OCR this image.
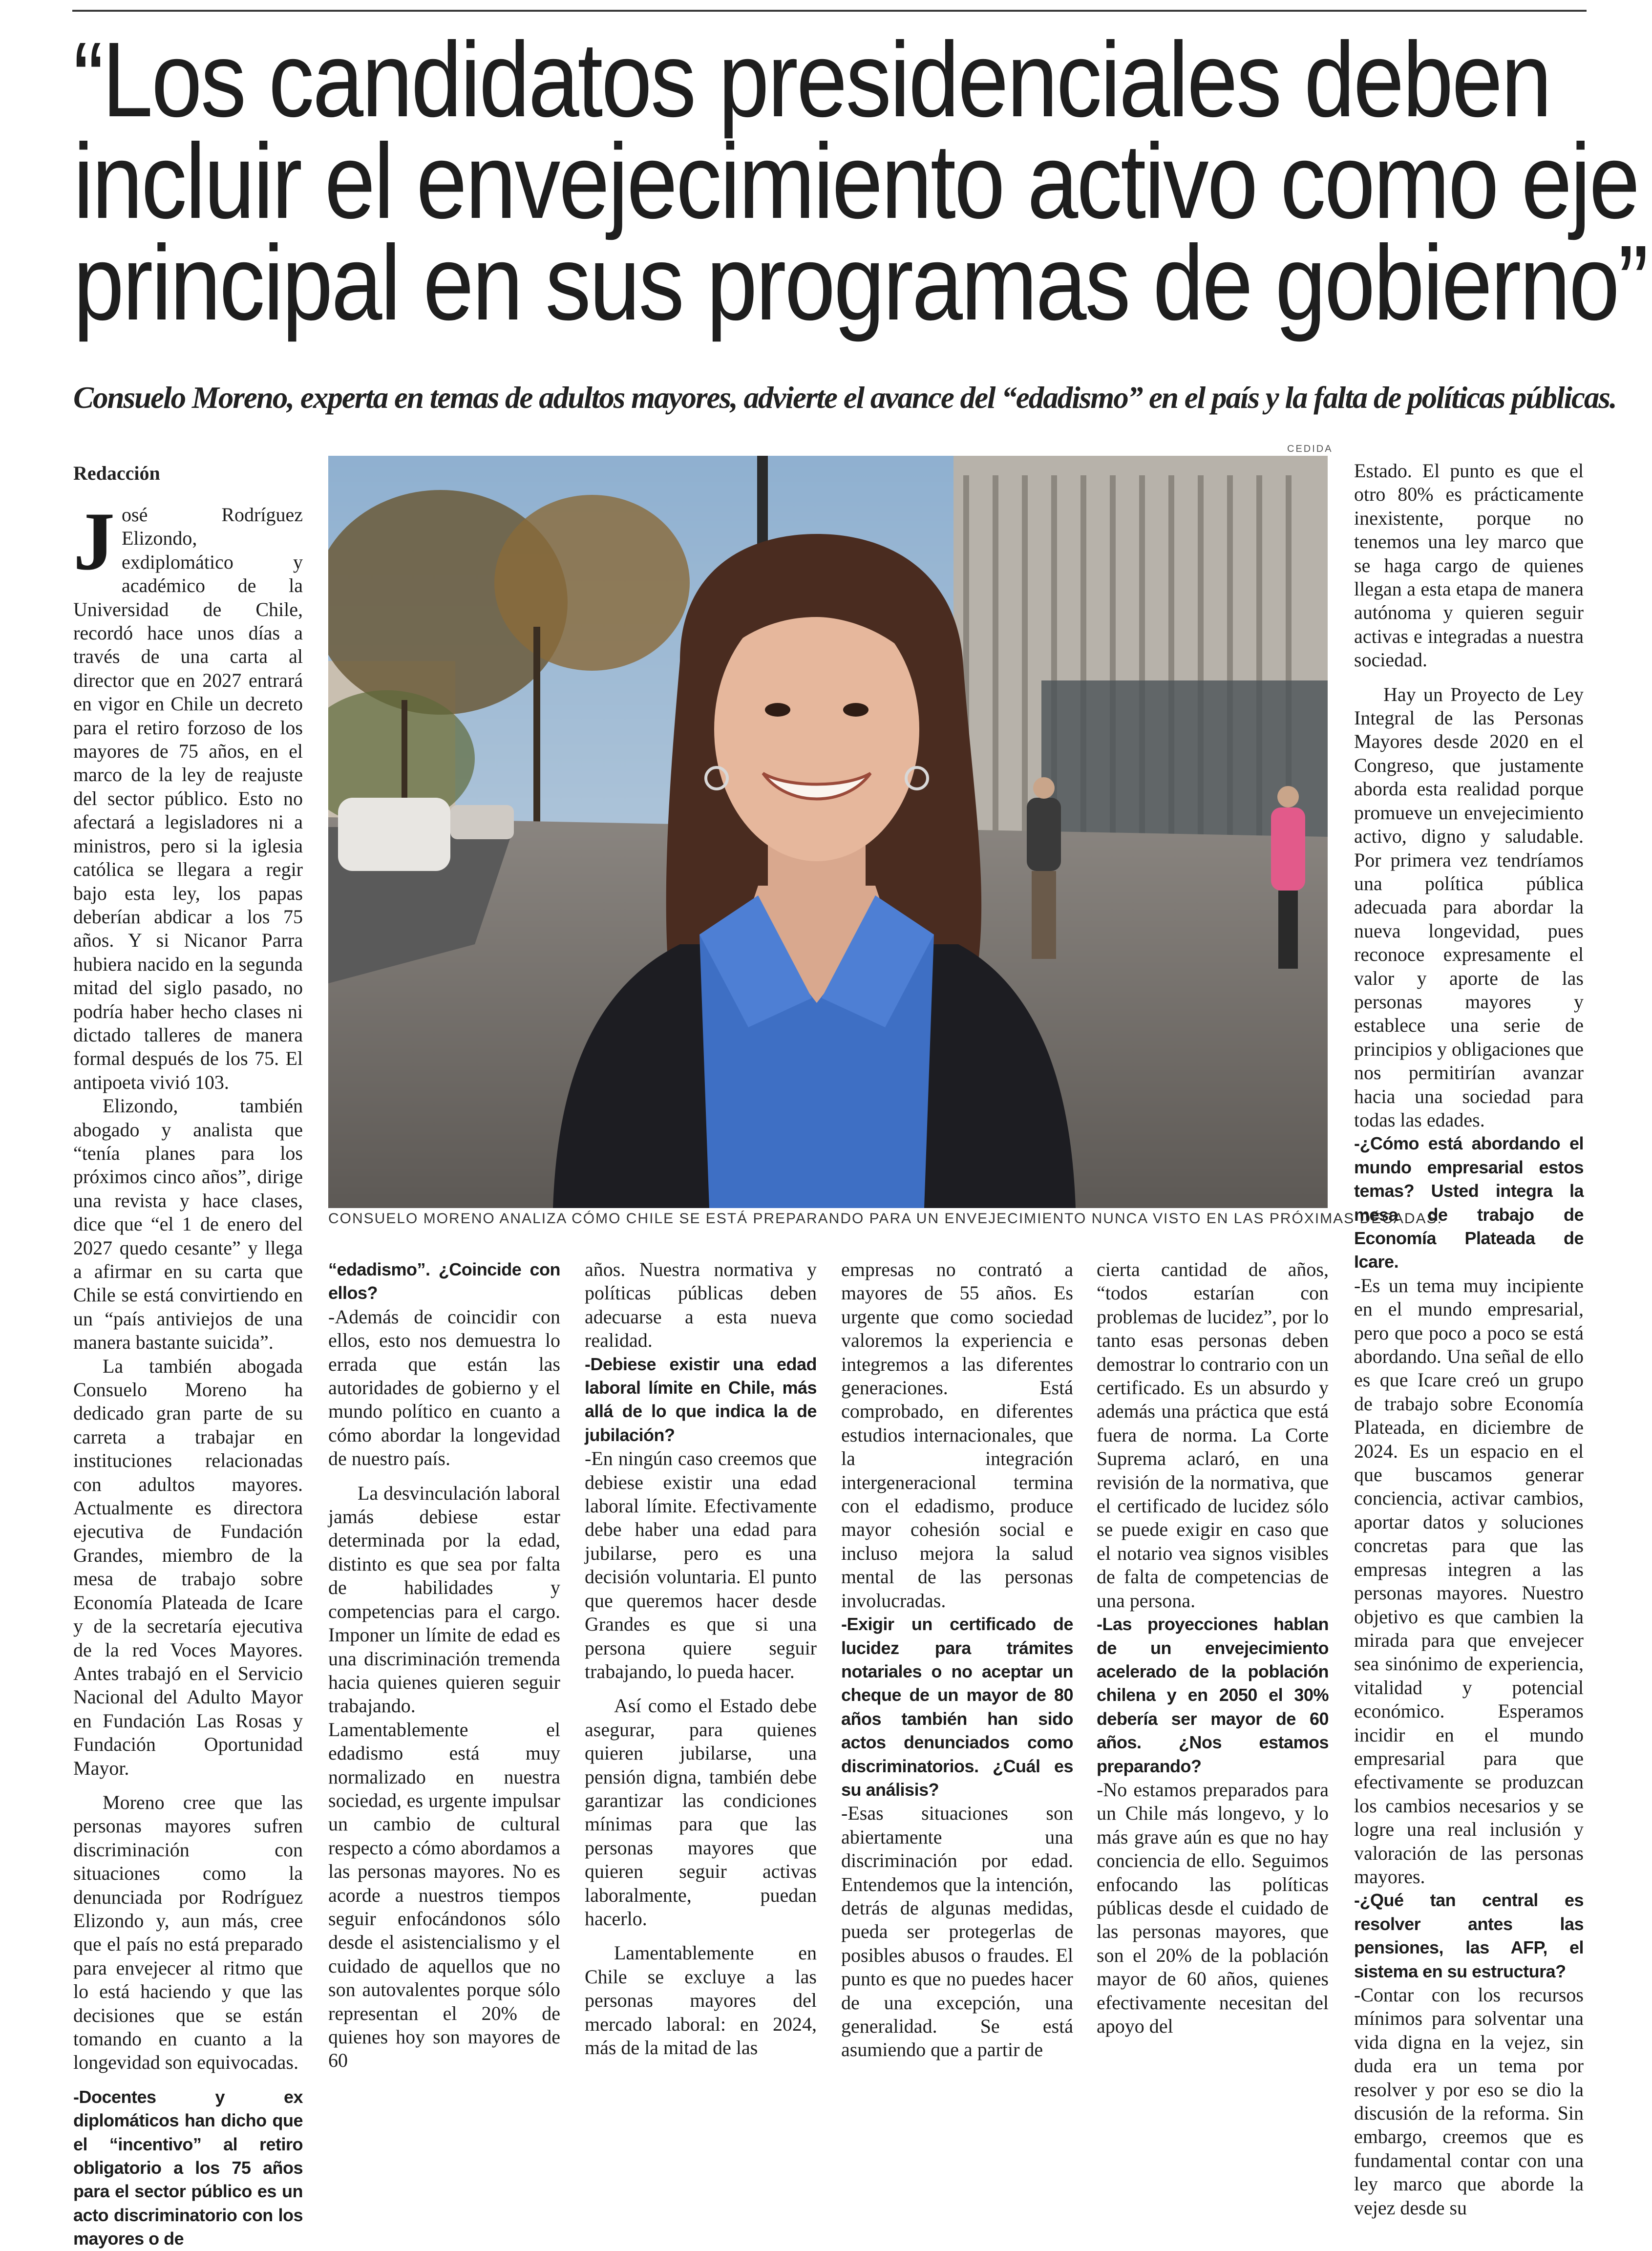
“Los candidatos presidenciales deben
incluir el envejecimiento activo como eje
principal en sus programas de gobierno”
Consuelo Moreno, experta en temas de adultos mayores, advierte el avance del “edadismo” en el país y la falta de políticas públicas.
Redacción
CEDIDA
CONSUELO MORENO ANALIZA CÓMO CHILE SE ESTÁ PREPARANDO PARA UN ENVEJECIMIENTO NUNCA VISTO EN LAS PRÓXIMAS DÉCADAS.

José Rodríguez Elizondo, exdiplomático y académico de la Universidad de Chile, recordó hace unos días a través de una carta al director que en 2027 entrará en vigor en Chile un decreto para el retiro forzoso de los mayores de 75 años, en el marco de la ley de reajuste del sector público. Esto no afectará a legisladores ni a ministros, pero si la iglesia católica se llegara a regir bajo esta ley, los papas deberían abdicar a los 75 años. Y si Nicanor Parra hubiera nacido en la segunda mitad del siglo pasado, no podría haber hecho clases ni dictado talleres de manera formal después de los 75. El antipoeta vivió 103.

Elizondo, también abogado y analista que “tenía planes para los próximos cinco años”, dirige una revista y hace clases, dice que “el 1 de enero del 2027 quedo cesante” y llega a afirmar en su carta que Chile se está convirtiendo en un “país antiviejos de una manera bastante suicida”.

La también abogada Consuelo Moreno ha dedicado gran parte de su carreta a trabajar en instituciones relacionadas con adultos mayores. Actualmente es directora ejecutiva de Fundación Grandes, miembro de la mesa de trabajo sobre Economía Plateada de Icare y de la secretaría ejecutiva de la red Voces Mayores. Antes trabajó en el Servicio Nacional del Adulto Mayor en Fundación Las Rosas y Fundación Oportunidad Mayor.

Moreno cree que las personas mayores sufren discriminación con situaciones como la denunciada por Rodríguez Elizondo y, aun más, cree que el país no está preparado para envejecer al ritmo que lo está haciendo y que las decisiones que se están tomando en cuanto a la longevidad son equivocadas.

-Docentes y ex diplomáticos han dicho que el “incentivo” al retiro obligatorio a los 75 años para el sector público es un acto discriminatorio con los mayores o de

“edadismo”. ¿Coincide con ellos?

-Además de coincidir con ellos, esto nos demuestra lo errada que están las autoridades de gobierno y el mundo político en cuanto a cómo abordar la longevidad de nuestro país.

La desvinculación laboral jamás debiese estar determinada por la edad, distinto es que sea por falta de habilidades y competencias para el cargo. Imponer un límite de edad es una discriminación tremenda hacia quienes quieren seguir trabajando. Lamentablemente el edadismo está muy normalizado en nuestra sociedad, es urgente impulsar un cambio de cultural respecto a cómo abordamos a las personas mayores. No es acorde a nuestros tiempos seguir enfocándonos sólo desde el asistencialismo y el cuidado de aquellos que no son autovalentes porque sólo representan el 20% de quienes hoy son mayores de 60

años. Nuestra normativa y políticas públicas deben adecuarse a esta nueva realidad.

-Debiese existir una edad laboral límite en Chile, más allá de lo que indica la de jubilación?

-En ningún caso creemos que debiese existir una edad laboral límite. Efectivamente debe haber una edad para jubilarse, pero es una decisión voluntaria. El punto que queremos hacer desde Grandes es que si una persona quiere seguir trabajando, lo pueda hacer.

Así como el Estado debe asegurar, para quienes quieren jubilarse, una pensión digna, también debe garantizar las condiciones mínimas para que las personas mayores que quieren seguir activas laboralmente, puedan hacerlo.

Lamentablemente en Chile se excluye a las personas mayores del mercado laboral: en 2024, más de la mitad de las

empresas no contrató a mayores de 55 años. Es urgente que como sociedad valoremos la experiencia e integremos a las diferentes generaciones. Está comprobado, en diferentes estudios internacionales, que la integración intergeneracional termina con el edadismo, produce mayor cohesión social e incluso mejora la salud mental de las personas involucradas.

-Exigir un certificado de lucidez para trámites notariales o no aceptar un cheque de un mayor de 80 años también han sido actos denunciados como discriminatorios. ¿Cuál es su análisis?

-Esas situaciones son abiertamente una discriminación por edad. Entendemos que la intención, detrás de algunas medidas, pueda ser protegerlas de posibles abusos o fraudes. El punto es que no puedes hacer de una excepción, una generalidad. Se está asumiendo que a partir de

cierta cantidad de años, “todos estarían con problemas de lucidez”, por lo tanto esas personas deben demostrar lo contrario con un certificado. Es un absurdo y además una práctica que está fuera de norma. La Corte Suprema aclaró, en una revisión de la normativa, que el certificado de lucidez sólo se puede exigir en caso que el notario vea signos visibles de falta de competencias de una persona.

-Las proyecciones hablan de un envejecimiento acelerado de la población chilena y en 2050 el 30% debería ser mayor de 60 años. ¿Nos estamos preparando?

-No estamos preparados para un Chile más longevo, y lo más grave aún es que no hay conciencia de ello. Seguimos enfocando las políticas públicas desde el cuidado de las personas mayores, que son el 20% de la población mayor de 60 años, quienes efectivamente necesitan del apoyo del

Estado. El punto es que el otro 80% es prácticamente inexistente, porque no tenemos una ley marco que se haga cargo de quienes llegan a esta etapa de manera autónoma y quieren seguir activas e integradas a nuestra sociedad.

Hay un Proyecto de Ley Integral de las Personas Mayores desde 2020 en el Congreso, que justamente aborda esta realidad porque promueve un envejecimiento activo, digno y saludable. Por primera vez tendríamos una política pública adecuada para abordar la nueva longevidad, pues reconoce expresamente el valor y aporte de las personas mayores y establece una serie de principios y obligaciones que nos permitirían avanzar hacia una sociedad para todas las edades.

-¿Cómo está abordando el mundo empresarial estos temas? Usted integra la mesa de trabajo de Economía Plateada de Icare.

-Es un tema muy incipiente en el mundo empresarial, pero que poco a poco se está abordando. Una señal de ello es que Icare creó un grupo de trabajo sobre Economía Plateada, en diciembre de 2024. Es un espacio en el que buscamos generar conciencia, activar cambios, aportar datos y soluciones concretas para que las empresas integren a las personas mayores. Nuestro objetivo es que cambien la mirada para que envejecer sea sinónimo de experiencia, vitalidad y potencial económico. Esperamos incidir en el mundo empresarial para que efectivamente se produzcan los cambios necesarios y se logre una real inclusión y valoración de las personas mayores.

-¿Qué tan central es resolver antes las pensiones, las AFP, el sistema en su estructura?

-Contar con los recursos mínimos para solventar una vida digna en la vejez, sin duda era un tema por resolver y por eso se dio la discusión de la reforma. Sin embargo, creemos que es fundamental contar con una ley marco que aborde la vejez desde su
